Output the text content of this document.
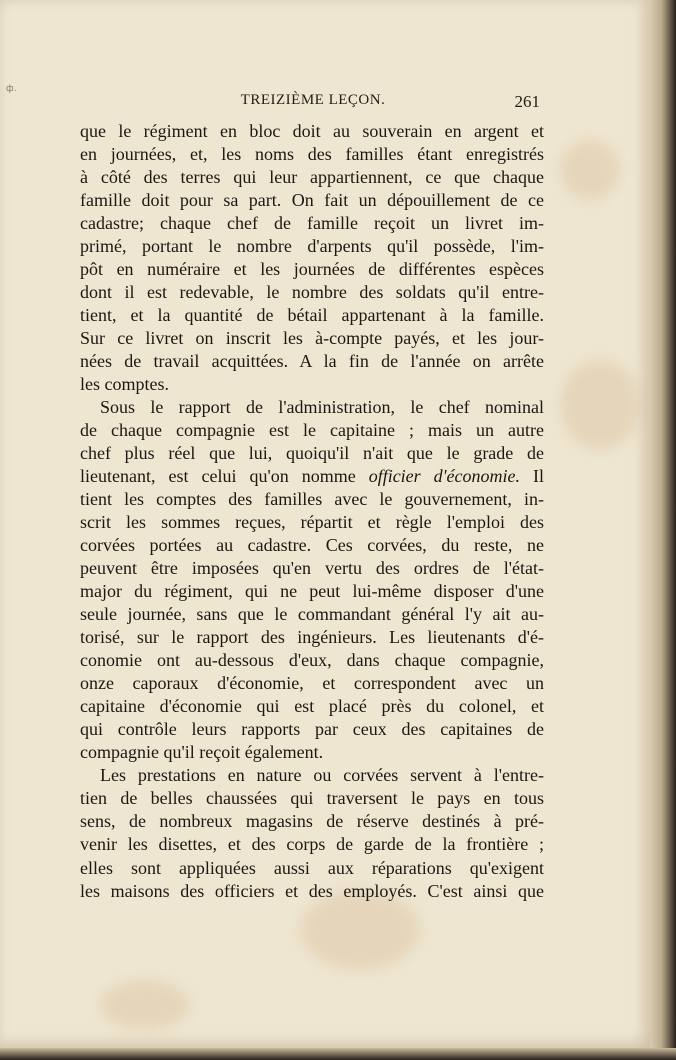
ф.
TREIZIÈME LEÇON.	261
que le régiment en bloc doit au souverain en argent et
en journées, et, les noms des familles étant enregistrés
à côté des terres qui leur appartiennent, ce que chaque
famille doit pour sa part. On fait un dépouillement de ce
cadastre; chaque chef de famille reçoit un livret im-
primé, portant le nombre d'arpents qu'il possède, l'im-
pôt en numéraire et les journées de différentes espèces
dont il est redevable, le nombre des soldats qu'il entre-
tient, et la quantité de bétail appartenant à la famille.
Sur ce livret on inscrit les à-compte payés, et les jour-
nées de travail acquittées. A la fin de l'année on arrête
les comptes.
Sous le rapport de l'administration, le chef nominal
de chaque compagnie est le capitaine ; mais un autre
chef plus réel que lui, quoiqu'il n'ait que le grade de
lieutenant, est celui qu'on nomme officier d'économie. Il
tient les comptes des familles avec le gouvernement, in-
scrit les sommes reçues, répartit et règle l'emploi des
corvées portées au cadastre. Ces corvées, du reste, ne
peuvent être imposées qu'en vertu des ordres de l'état-
major du régiment, qui ne peut lui-même disposer d'une
seule journée, sans que le commandant général l'y ait au-
torisé, sur le rapport des ingénieurs. Les lieutenants d'é-
conomie ont au-dessous d'eux, dans chaque compagnie,
onze caporaux d'économie, et correspondent avec un
capitaine d'économie qui est placé près du colonel, et
qui contrôle leurs rapports par ceux des capitaines de
compagnie qu'il reçoit également.
Les prestations en nature ou corvées servent à l'entre-
tien de belles chaussées qui traversent le pays en tous
sens, de nombreux magasins de réserve destinés à pré-
venir les disettes, et des corps de garde de la frontière ;
elles sont appliquées aussi aux réparations qu'exigent
les maisons des officiers et des employés. C'est ainsi que
